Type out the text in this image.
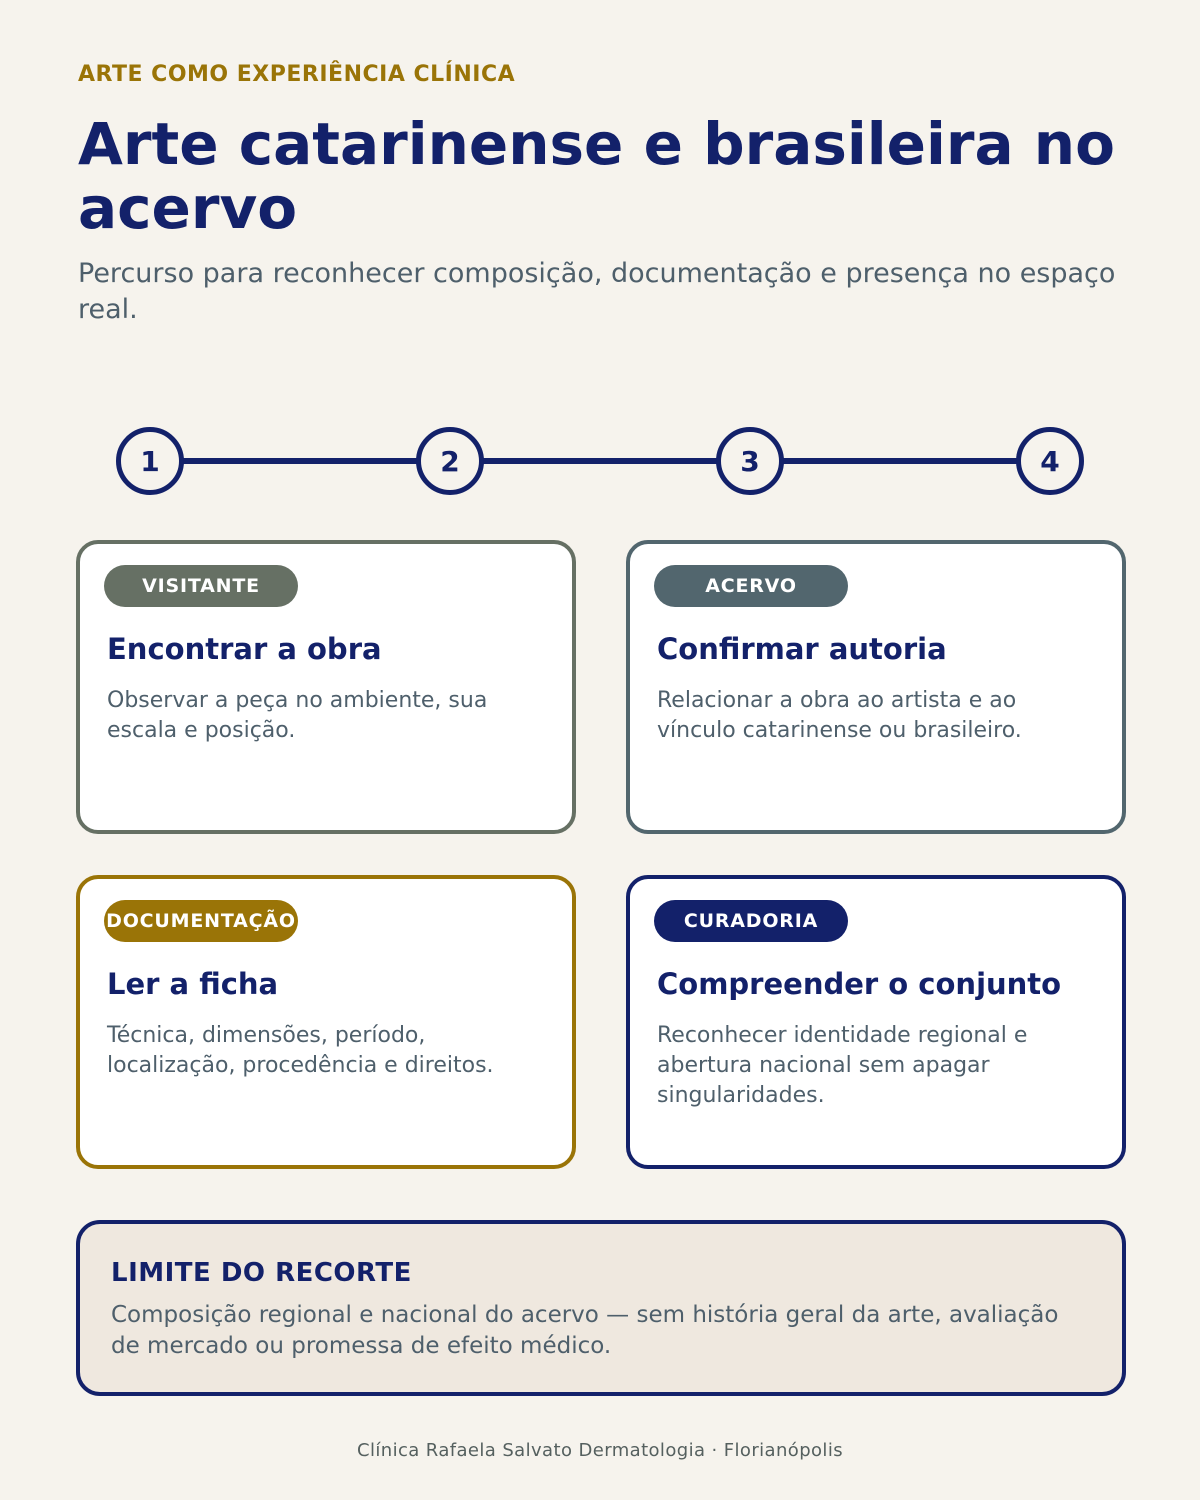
ARTE COMO EXPERIÊNCIA CLÍNICA
Arte catarinense e brasileira no acervo

Percurso para reconhecer composição, documentação e presença no espaço real.

1	2	3	4
VISITANTE
Encontrar a obra
Observar a peça no ambiente, sua escala e posição.
ACERVO
Confirmar autoria
Relacionar a obra ao artista e ao vínculo catarinense ou brasileiro.
DOCUMENTAÇÃO
Ler a ficha
Técnica, dimensões, período, localização, procedência e direitos.
CURADORIA
Compreender o conjunto
Reconhecer identidade regional e abertura nacional sem apagar singularidades.
LIMITE DO RECORTE
Composição regional e nacional do acervo — sem história geral da arte, avaliação de mercado ou promessa de efeito médico.
Clínica Rafaela Salvato Dermatologia · Florianópolis
